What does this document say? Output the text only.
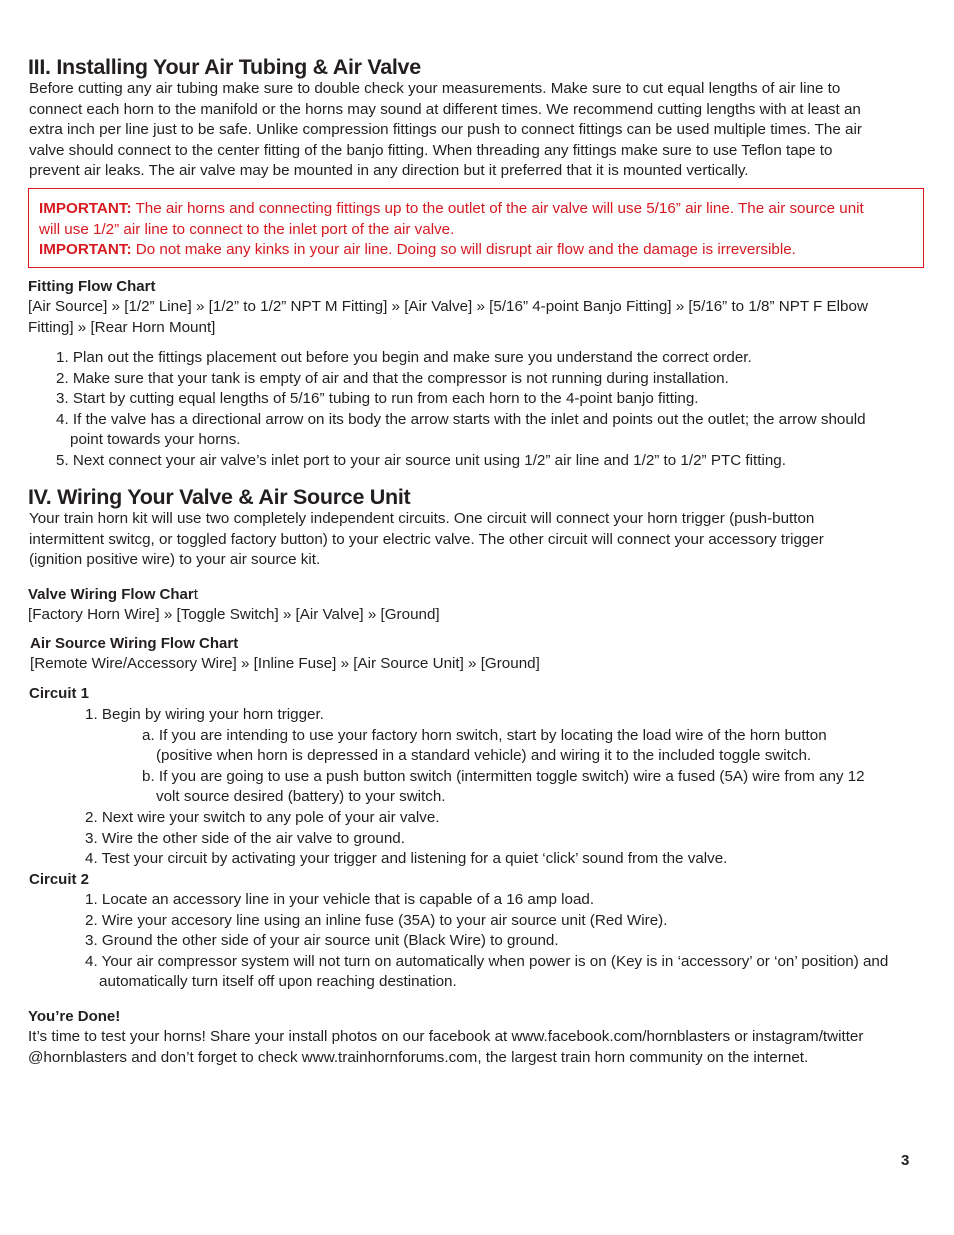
III. Installing Your Air Tubing & Air Valve

Before cutting any air tubing make sure to double check your measurements. Make sure to cut equal lengths of air line to

connect each horn to the manifold or the horns may sound at different times. We recommend cutting lengths with at least an

extra inch per line just to be safe. Unlike compression fittings our push to connect fittings can be used multiple times. The air

valve should connect to the center fitting of the banjo fitting. When threading any fittings make sure to use Teflon tape to

prevent air leaks. The air valve may be mounted in any direction but it preferred that it is mounted vertically.

IMPORTANT: The air horns and connecting fittings up to the outlet of the air valve will use 5/16” air line. The air source unit

will use 1/2” air line to connect to the inlet port of the air valve.

IMPORTANT: Do not make any kinks in your air line. Doing so will disrupt air flow and the damage is irreversible.

Fitting Flow Chart

[Air Source] » [1/2” Line] » [1/2” to 1/2” NPT M Fitting] » [Air Valve] » [5/16” 4-point Banjo Fitting] » [5/16” to 1/8” NPT F Elbow

Fitting] » [Rear Horn Mount]

1. Plan out the fittings placement out before you begin and make sure you understand the correct order.

2. Make sure that your tank is empty of air and that the compressor is not running during installation.

3. Start by cutting equal lengths of 5/16” tubing to run from each horn to the 4-point banjo fitting.

4. If the valve has a directional arrow on its body the arrow starts with the inlet and points out the outlet; the arrow should

point towards your horns.

5. Next connect your air valve’s inlet port to your air source unit using 1/2” air line and 1/2” to 1/2” PTC fitting.

IV. Wiring Your Valve & Air Source Unit

Your train horn kit will use two completely independent circuits. One circuit will connect your horn trigger (push-button

intermittent switcg, or toggled factory button) to your electric valve. The other circuit will connect your accessory trigger

(ignition positive wire) to your air source kit.

Valve Wiring Flow Chart
[Factory Horn Wire] » [Toggle Switch] » [Air Valve] » [Ground]
Air Source Wiring Flow Chart
[Remote Wire/Accessory Wire] » [Inline Fuse] » [Air Source Unit] » [Ground]
Circuit 1

1. Begin by wiring your horn trigger.

a. If you are intending to use your factory horn switch, start by locating the load wire of the horn button

(positive when horn is depressed in a standard vehicle) and wiring it to the included toggle switch.

b. If you are going to use a push button switch (intermitten toggle switch) wire a fused (5A) wire from any 12

volt source desired (battery) to your switch.

2. Next wire your switch to any pole of your air valve.

3. Wire the other side of the air valve to ground.

4. Test your circuit by activating your trigger and listening for a quiet ‘click’ sound from the valve.

Circuit 2

1. Locate an accessory line in your vehicle that is capable of a 16 amp load.

2. Wire your accesory line using an inline fuse (35A) to your air source unit (Red Wire).

3. Ground the other side of your air source unit (Black Wire) to ground.

4. Your air compressor system will not turn on automatically when power is on (Key is in ‘accessory’ or ‘on’ position) and

automatically turn itself off upon reaching destination.

You’re Done!

It’s time to test your horns! Share your install photos on our facebook at www.facebook.com/hornblasters or instagram/twitter

@hornblasters and don’t forget to check www.trainhornforums.com, the largest train horn community on the internet.

3
